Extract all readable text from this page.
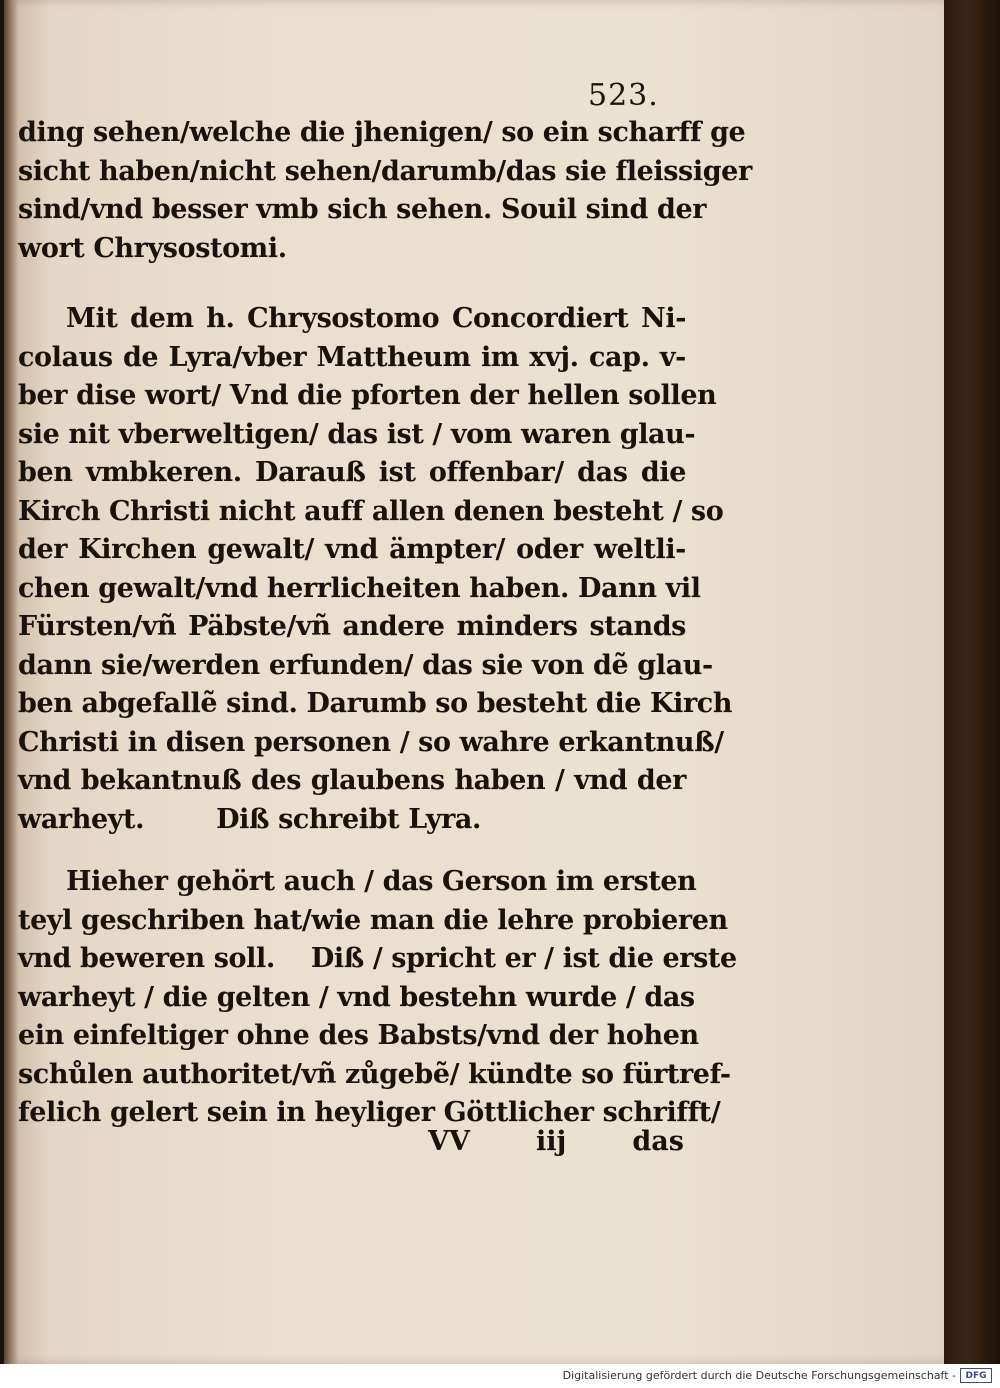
523.
ding sehen/welche die jhenigen/ so ein scharff ge
sicht haben/nicht sehen/darumb/das sie fleissiger
sind/vnd besser vmb sich sehen. Souil sind der
wort Chrysostomi.
Mit dem h. Chrysostomo Concordiert Ni-
colaus de Lyra/vber Mattheum im xvj. cap. v-
ber dise wort/ Vnd die pforten der hellen sollen
sie nit vberweltigen/ das ist / vom waren glau-
ben vmbkeren. Darauß ist offenbar/ das die
Kirch Christi nicht auff allen denen besteht / so
der Kirchen gewalt/ vnd ämpter/ oder weltli-
chen gewalt/vnd herrlicheiten haben. Dann vil
Fürsten/vñ Päbste/vñ andere minders stands
dann sie/werden erfunden/ das sie von dẽ glau-
ben abgefallẽ sind. Darumb so besteht die Kirch
Christi in disen personen / so wahre erkantnuß/
vnd bekantnuß des glaubens haben / vnd der
warheyt.        Diß schreibt Lyra.
Hieher gehört auch / das Gerson im ersten
teyl geschriben hat/wie man die lehre probieren
vnd beweren soll.    Diß / spricht er / ist die erste
warheyt / die gelten / vnd bestehn wurde / das
ein einfeltiger ohne des Babsts/vnd der hohen
schůlen authoritet/vñ zůgebẽ/ kündte so fürtref-
felich gelert sein in heyliger Göttlicher schrifft/
VV iij das
Digitalisierung gefördert durch die Deutsche Forschungsgemeinschaft -	DFG
